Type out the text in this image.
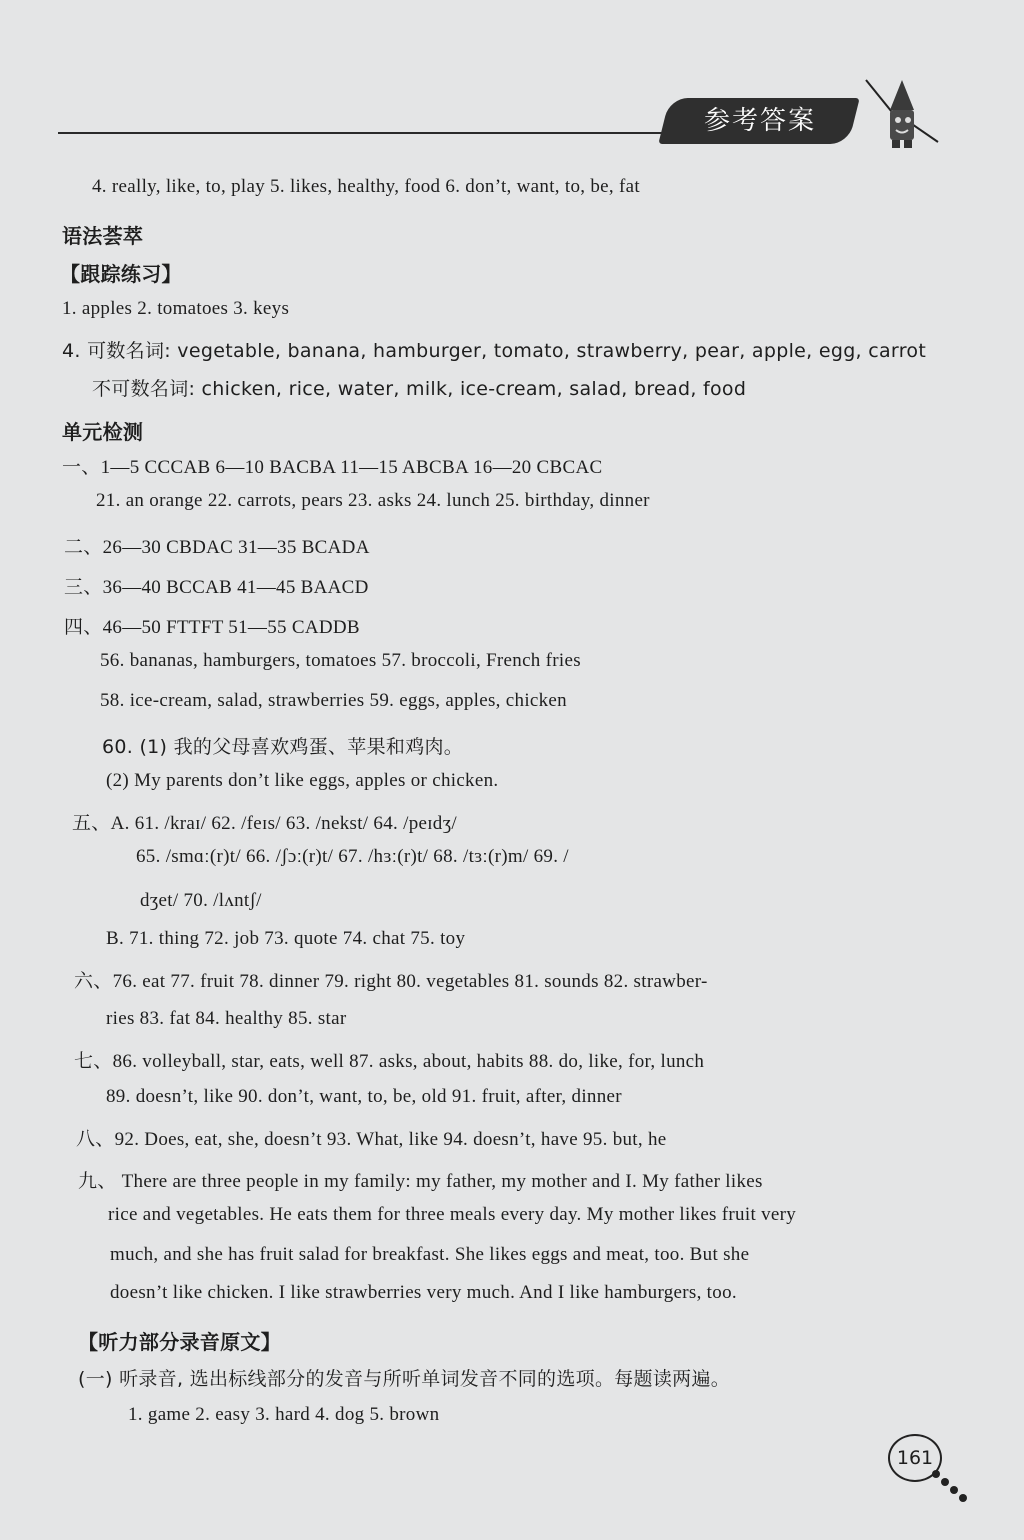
参考答案
4. really, like, to, play 5. likes, healthy, food 6. don’t, want, to, be, fat
语法荟萃
【跟踪练习】
1. apples 2. tomatoes 3. keys
4. 可数名词: vegetable, banana, hamburger, tomato, strawberry, pear, apple, egg, carrot
不可数名词: chicken, rice, water, milk, ice-cream, salad, bread, food
单元检测
一、1—5 CCCAB 6—10 BACBA 11—15 ABCBA 16—20 CBCAC
21. an orange 22. carrots, pears 23. asks 24. lunch 25. birthday, dinner
二、26—30 CBDAC 31—35 BCADA
三、36—40 BCCAB 41—45 BAACD
四、46—50 FTTFT 51—55 CADDB
56. bananas, hamburgers, tomatoes 57. broccoli, French fries
58. ice-cream, salad, strawberries 59. eggs, apples, chicken
60. (1) 我的父母喜欢鸡蛋、苹果和鸡肉。
(2) My parents don’t like eggs, apples or chicken.
五、A. 61. /kraɪ/ 62. /feɪs/ 63. /nekst/ 64. /peɪdʒ/
65. /smɑː(r)t/ 66. /ʃɔː(r)t/ 67. /hɜː(r)t/ 68. /tɜː(r)m/ 69. /
dʒet/ 70. /lʌntʃ/
B. 71. thing 72. job 73. quote 74. chat 75. toy
六、76. eat 77. fruit 78. dinner 79. right 80. vegetables 81. sounds 82. strawber-
ries 83. fat 84. healthy 85. star
七、86. volleyball, star, eats, well 87. asks, about, habits 88. do, like, for, lunch
89. doesn’t, like 90. don’t, want, to, be, old 91. fruit, after, dinner
八、92. Does, eat, she, doesn’t 93. What, like 94. doesn’t, have 95. but, he
九、 There are three people in my family: my father, my mother and I. My father likes
rice and vegetables. He eats them for three meals every day. My mother likes fruit very
much, and she has fruit salad for breakfast. She likes eggs and meat, too. But she
doesn’t like chicken. I like strawberries very much. And I like hamburgers, too.
【听力部分录音原文】
(一) 听录音, 选出标线部分的发音与所听单词发音不同的选项。每题读两遍。
1. game 2. easy 3. hard 4. dog 5. brown
161
